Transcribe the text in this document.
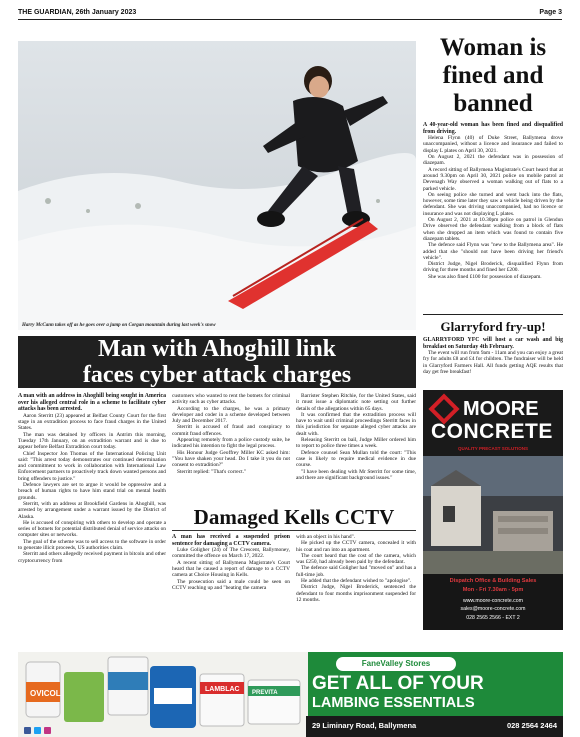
THE GUARDIAN, 26th January 2023	Page 3
Harry McCann takes off as he goes over a jump on Corgan mountain during last week's snow
Woman is fined and banned

A 40-year-old woman has been fined and disqualified from driving.

Helena Flynn (40) of Duke Street, Ballymena drove unaccompanied, without a licence and insurance and failed to display L plates on April 30, 2021.

On August 2, 2021 the defendant was in possession of diazepam.

A record sitting of Ballymena Magistrate's Court heard that at around 9.30pm on April 30, 2021 police on mobile patrol at Devenagh Way observed a woman walking out of flats to a parked vehicle.

On seeing police she turned and went back into the flats, however, some time later they saw a vehicle being driven by the defendant. She was driving unaccompanied, had no licence or insurance and was not displaying L plates.

On August 2, 2021 at 10.30pm police on patrol in Glendun Drive observed the defendant walking from a block of flats when she dropped an item which was found to contain five diazepam tablets.

The defence said Flynn was "new to the Ballymena area". He added that she "should not have been driving her friend's vehicle".

District Judge, Nigel Broderick, disqualified Flynn from driving for three months and fined her £200.

She was also fined £100 for possession of diazepam.

Glarryford fry-up!

GLARRYFORD YFC will host a car wash and big breakfast on Saturday 4th February.

The event will run from 9am - 11am and you can enjoy a great fry for adults £8 and £4 for children. The fundraiser will be held in Glarryford Farmers Hall. All funds getting AQE results that day get free breakfast!

Man with Ahoghill link
faces cyber attack charges

A man with an address in Ahoghill being sought in America over his alleged central role in a scheme to facilitate cyber attacks has been arrested.

Aaron Sterritt (23) appeared at Belfast County Court for the first stage in an extradition process to face fraud charges in the United States.

The man was detained by officers in Antrim this morning, Tuesday 17th January, on an extradition warrant and is due to appear before Belfast Extradition court today.

Chief Inspector Jon Thomas of the International Policing Unit said: "This arrest today demonstrates our continued determination and commitment to work in collaboration with International Law Enforcement partners to proactively track down wanted persons and bring offenders to justice."

Defence lawyers are set to argue it would be oppressive and a breach of human rights to have him stand trial on mental health grounds.

Sterritt, with an address at Brookfield Gardens in Ahoghill, was arrested by arrangement under a warrant issued by the District of Alaska.

He is accused of conspiring with others to develop and operate a series of botnets for potential distributed denial of service attacks on computer sites or networks.

The goal of the scheme was to sell access to the software in order to generate illicit proceeds, US authorities claim.

Sterritt and others allegedly received payment in bitcoin and other cryptocurrency from

customers who wanted to rent the botnets for criminal activity such as cyber attacks.

According to the charges, he was a primary developer and coder in a scheme developed between July and December 2017.

Sterritt is accused of fraud and conspiracy to commit fraud offences.

Appearing remotely from a police custody suite, he indicated his intention to fight the legal process.

His Honour Judge Geoffrey Miller KC asked him: "You have shaken your head. Do I take it you do not consent to extradition?"

Sterritt replied: "That's correct."

Barrister Stephen Ritchie, for the United States, said it must issue a diplomatic note setting out further details of the allegations within 65 days.

It was confirmed that the extradition process will have to wait until criminal proceedings Sterritt faces in this jurisdiction for separate alleged cyber attacks are dealt with.

Releasing Sterritt on bail, Judge Miller ordered him to report to police three times a week.

Defence counsel Sean Mullan told the court: "This case is likely to require medical evidence in due course.

"I have been dealing with Mr Sterritt for some time, and there are significant background issues."

Damaged Kells CCTV

A man has received a suspended prison sentence for damaging a CCTV camera.

Luke Goligher (24) of The Crescent, Ballymoney, committed the offence on March 17, 2022.

A recent sitting of Ballymena Magistrate's Court heard that he caused a report of damage to a CCTV camera at Choice Housing in Kells.

The prosecution said a male could be seen on CCTV reaching up and "beating the camera

with an object in his hand".

He picked up the CCTV camera, concealed it with his coat and ran into an apartment.

The court heard that the cost of the camera, which was £250, had already been paid by the defendant.

The defence said Goligher had "moved on" and has a full-time job.

He added that the defendant wished to "apologise".

District Judge, Nigel Broderick, sentenced the defendant to four months imprisonment suspended for 12 months.

MOORE
CONCRETE
QUALITY PRECAST SOLUTIONS
Dispatch Office & Building Sales
Mon - Fri 7.30am - 5pm
www.moore-concrete.com
sales@moore-concrete.com
028 2565 2566 - EXT 2
OVICOL	LAMBLAC PREVITA
FaneValley Stores
GET ALL OF YOUR
LAMBING ESSENTIALS
29 Liminary Road, Ballymena	028 2564 2464
